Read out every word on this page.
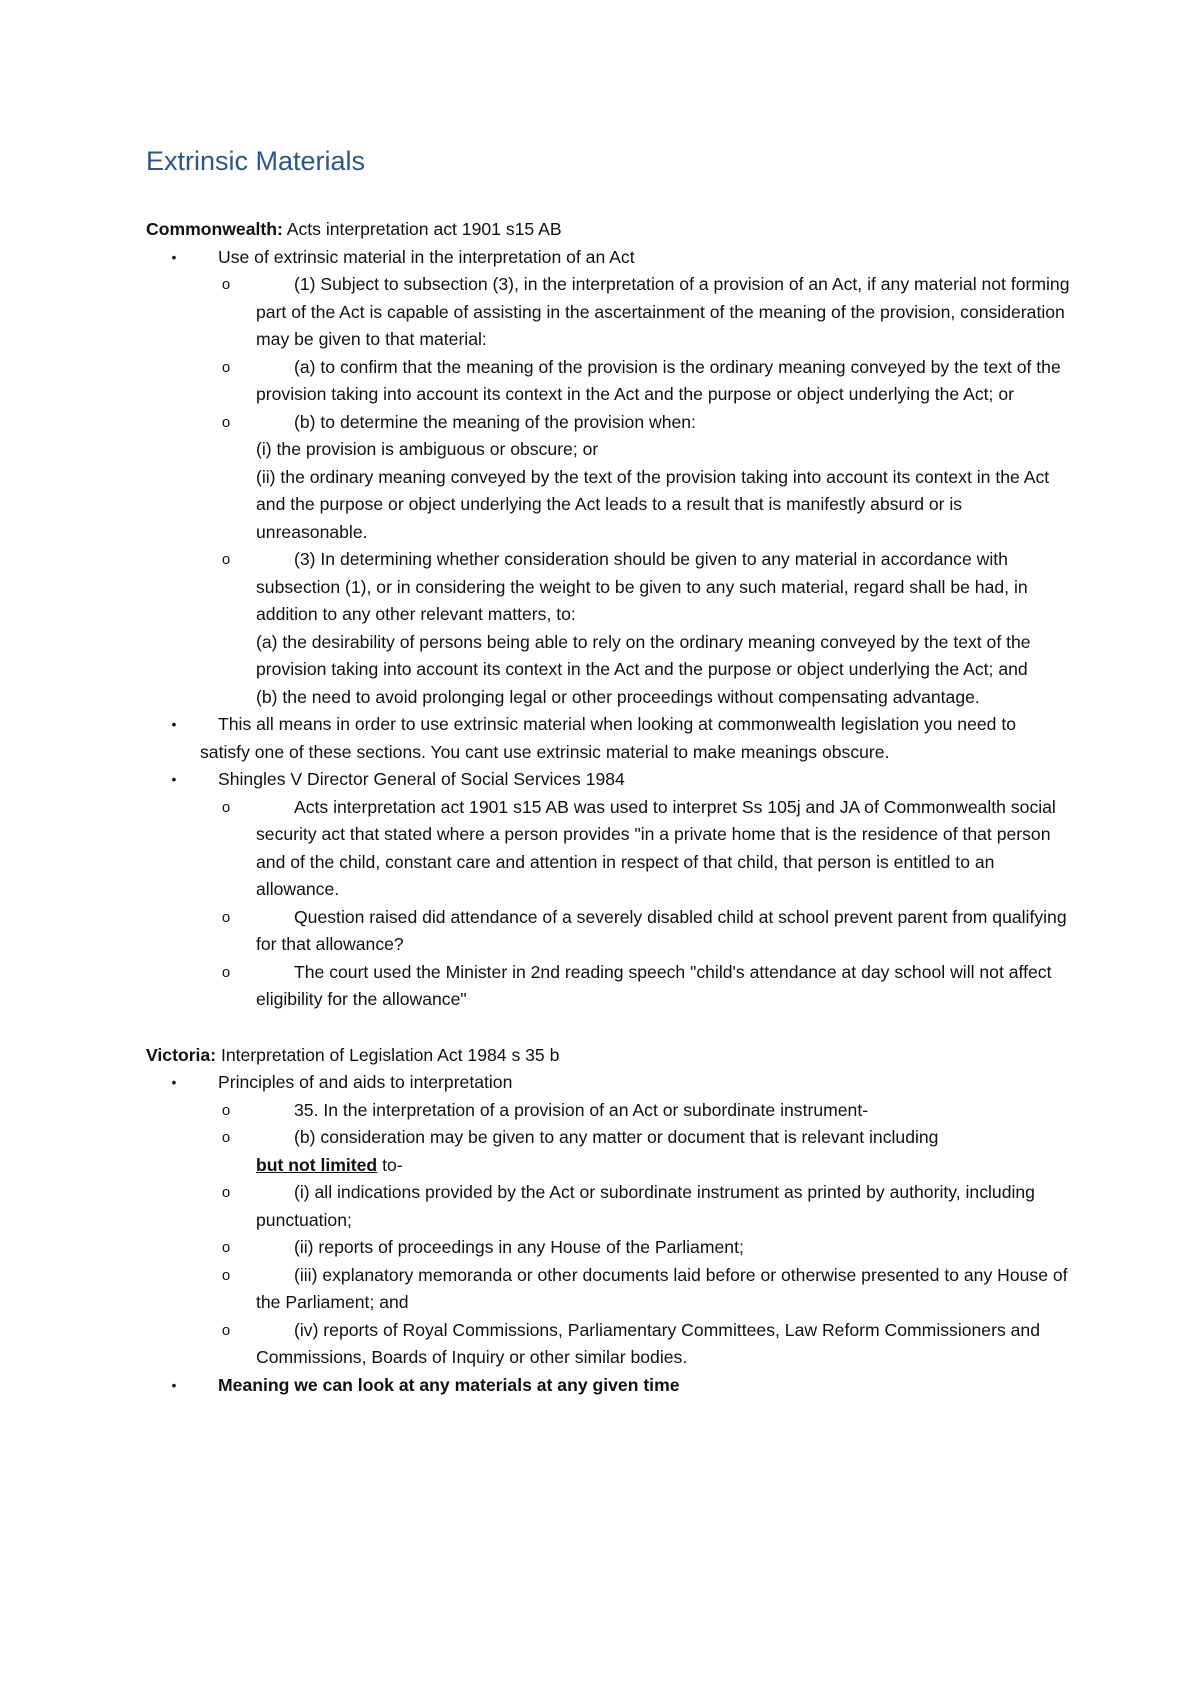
Extrinsic Materials

Commonwealth: Acts interpretation act 1901 s15 AB

•	Use of extrinsic material in the interpretation of an Act
o	(1) Subject to subsection (3), in the interpretation of a provision of an Act, if any material not forming part of the Act is capable of assisting in the ascertainment of the meaning of the provision, consideration may be given to that material:
o	(a) to confirm that the meaning of the provision is the ordinary meaning conveyed by the text of the provision taking into account its context in the Act and the purpose or object underlying the Act; or
o	(b) to determine the meaning of the provision when:
(i) the provision is ambiguous or obscure; or
(ii) the ordinary meaning conveyed by the text of the provision taking into account its context in the Act and the purpose or object underlying the Act leads to a result that is manifestly absurd or is unreasonable.
o	(3) In determining whether consideration should be given to any material in accordance with subsection (1), or in considering the weight to be given to any such material, regard shall be had, in addition to any other relevant matters, to:
(a) the desirability of persons being able to rely on the ordinary meaning conveyed by the text of the provision taking into account its context in the Act and the purpose or object underlying the Act; and
(b) the need to avoid prolonging legal or other proceedings without compensating advantage.
•	This all means in order to use extrinsic material when looking at commonwealth legislation you need to satisfy one of these sections. You cant use extrinsic material to make meanings obscure.
•	Shingles V Director General of Social Services 1984
o	Acts interpretation act 1901 s15 AB was used to interpret Ss 105j and JA of Commonwealth social security act that stated where a person provides "in a private home that is the residence of that person and of the child, constant care and attention in respect of that child, that person is entitled to an allowance.
o	Question raised did attendance of a severely disabled child at school prevent parent from qualifying for that allowance?
o	The court used the Minister in 2nd reading speech "child's attendance at day school will not affect eligibility for the allowance"

Victoria: Interpretation of Legislation Act 1984 s 35 b

•	Principles of and aids to interpretation
o	35. In the interpretation of a provision of an Act or subordinate instrument-
o	(b) consideration may be given to any matter or document that is relevant including
but not limited to-
o	(i) all indications provided by the Act or subordinate instrument as printed by authority, including punctuation;
o	(ii) reports of proceedings in any House of the Parliament;
o	(iii) explanatory memoranda or other documents laid before or otherwise presented to any House of the Parliament; and
o	(iv) reports of Royal Commissions, Parliamentary Committees, Law Reform Commissioners and Commissions, Boards of Inquiry or other similar bodies.
•	Meaning we can look at any materials at any given time
